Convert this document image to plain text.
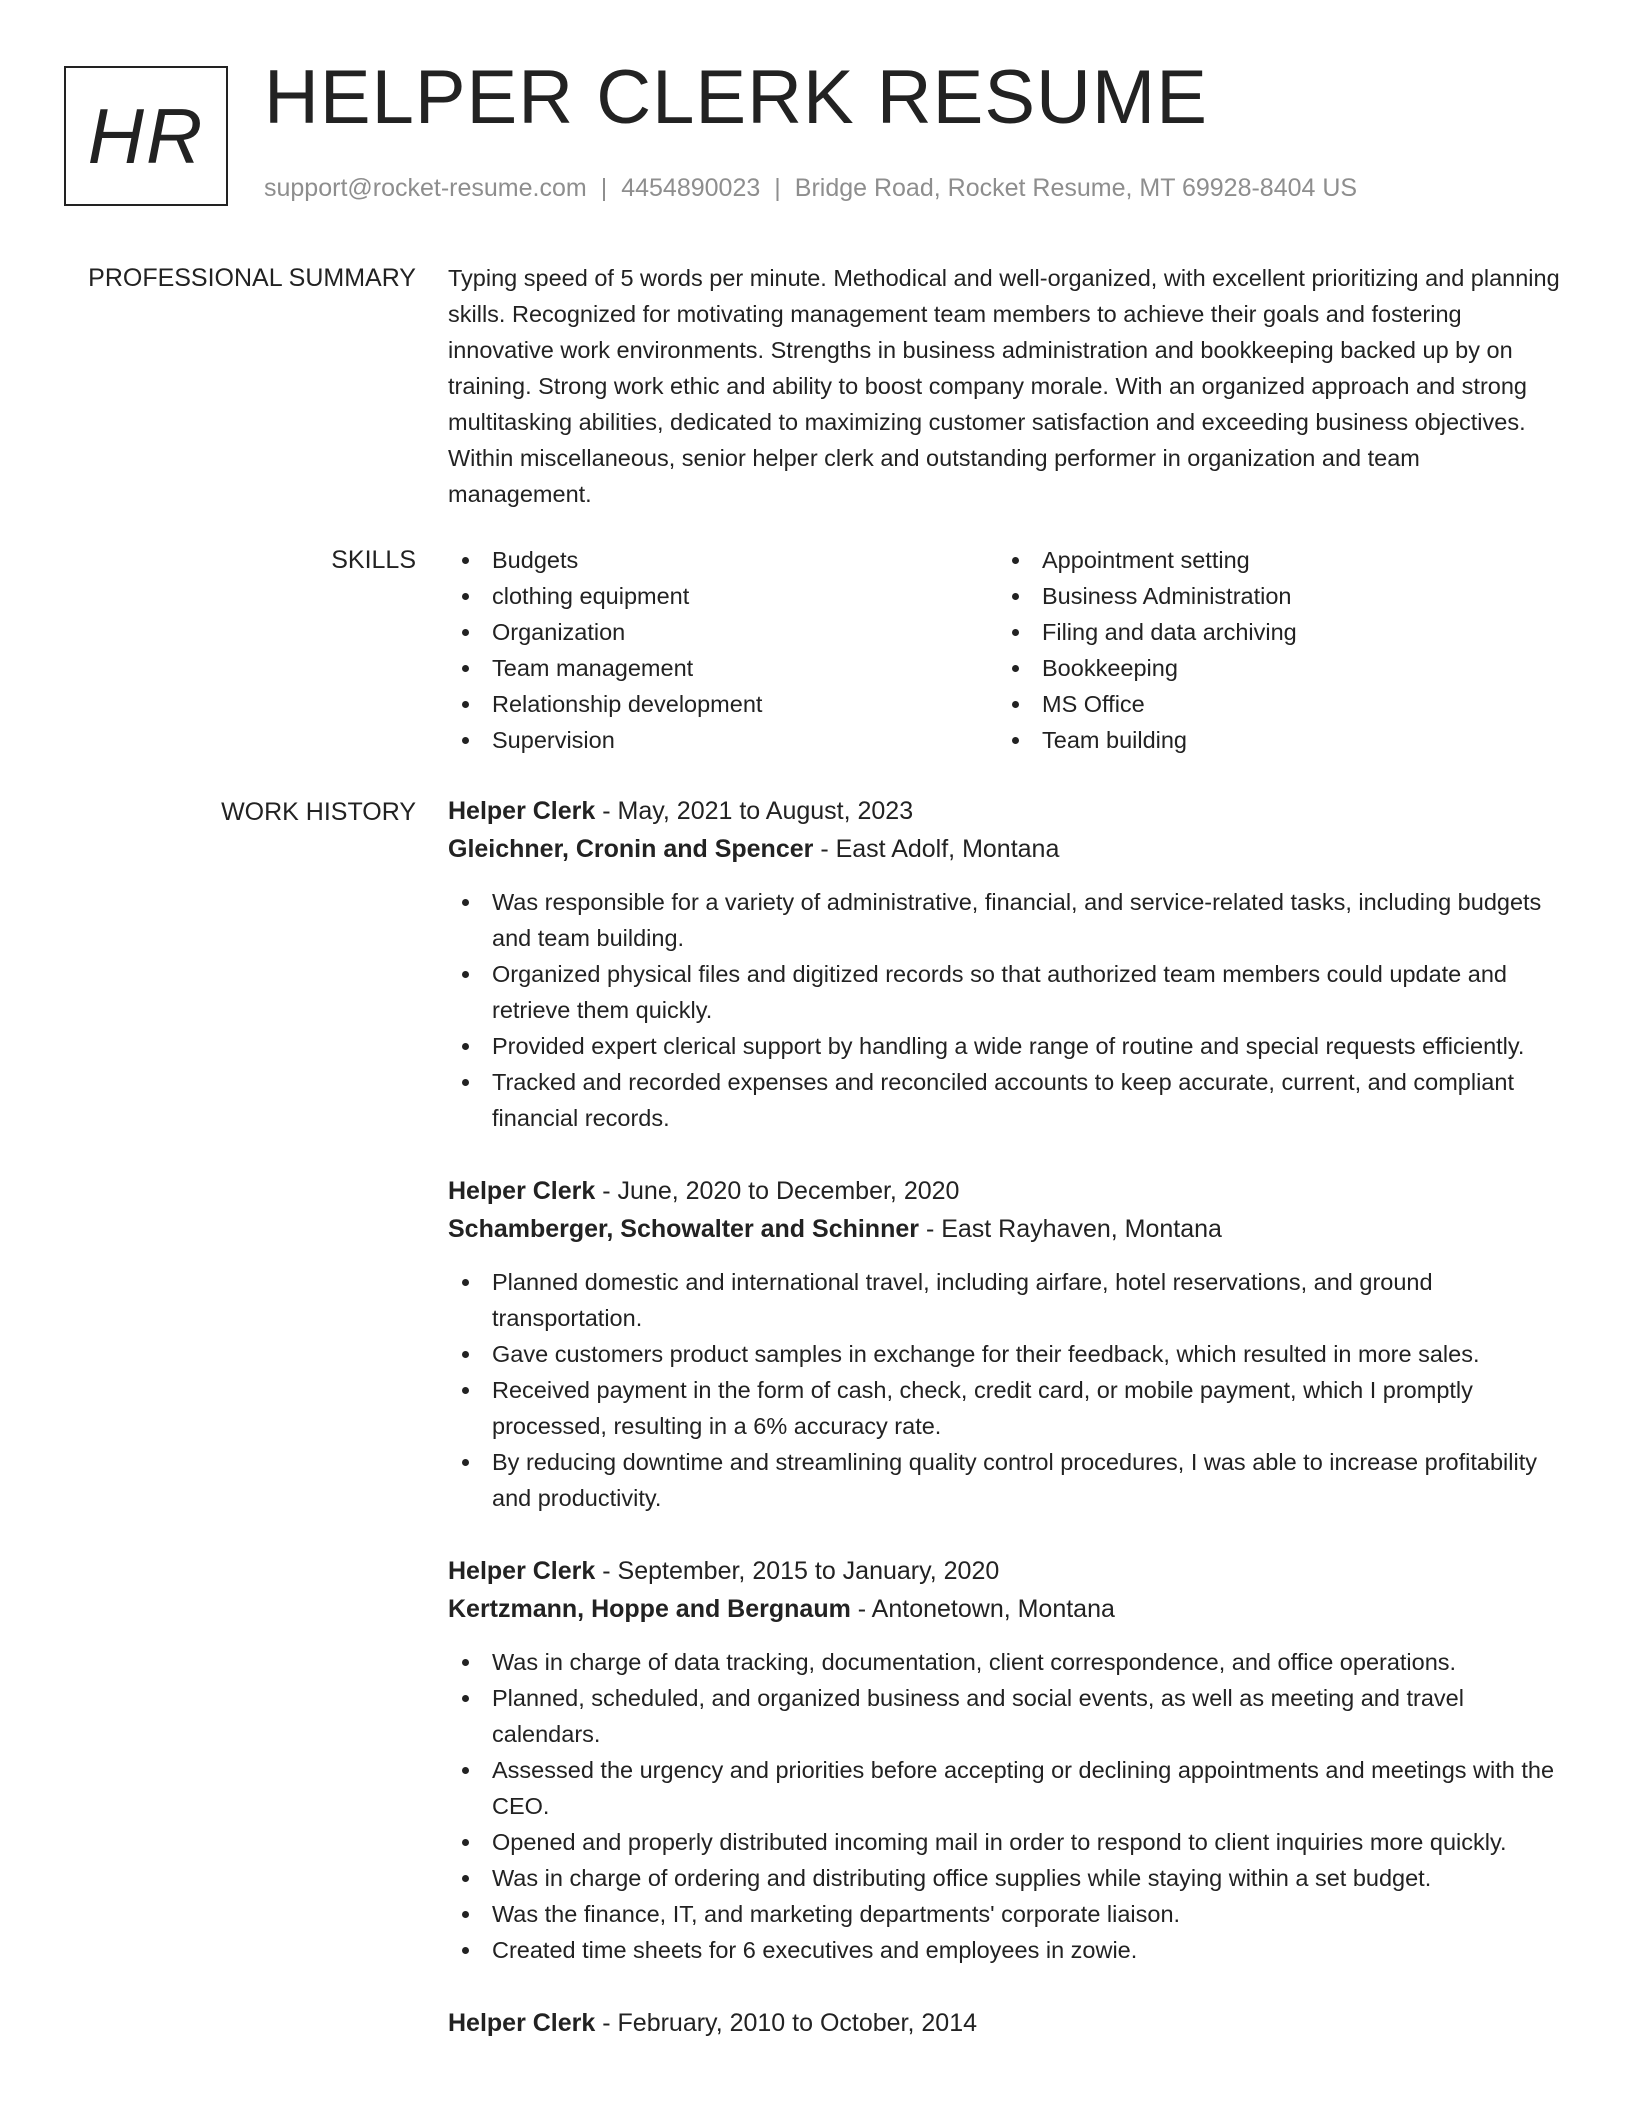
HR HELPER CLERK RESUME
support@rocket-resume.com | 4454890023 | Bridge Road, Rocket Resume, MT 69928-8404 US
PROFESSIONAL SUMMARY Typing speed of 5 words per minute. Methodical and well-organized, with excellent prioritizing and planning skills. Recognized for motivating management team members to achieve their goals and fostering innovative work environments. Strengths in business administration and bookkeeping backed up by on training. Strong work ethic and ability to boost company morale. With an organized approach and strong multitasking abilities, dedicated to maximizing customer satisfaction and exceeding business objectives. Within miscellaneous, senior helper clerk and outstanding performer in organization and team management.

SKILLS	Budgets
clothing equipment
Organization
Team management
Relationship development
Supervision
Appointment setting
Business Administration
Filing and data archiving
Bookkeeping
MS Office
Team building
WORK HISTORY Helper Clerk - May, 2021 to August, 2023
Gleichner, Cronin and Spencer - East Adolf, Montana
Was responsible for a variety of administrative, financial, and service-related tasks, including budgets and team building.
Organized physical files and digitized records so that authorized team members could update and retrieve them quickly.
Provided expert clerical support by handling a wide range of routine and special requests efficiently.
Tracked and recorded expenses and reconciled accounts to keep accurate, current, and compliant financial records.
Helper Clerk - June, 2020 to December, 2020
Schamberger, Schowalter and Schinner - East Rayhaven, Montana
Planned domestic and international travel, including airfare, hotel reservations, and ground transportation.
Gave customers product samples in exchange for their feedback, which resulted in more sales.
Received payment in the form of cash, check, credit card, or mobile payment, which I promptly processed, resulting in a 6% accuracy rate.
By reducing downtime and streamlining quality control procedures, I was able to increase profitability and productivity.
Helper Clerk - September, 2015 to January, 2020
Kertzmann, Hoppe and Bergnaum - Antonetown, Montana
Was in charge of data tracking, documentation, client correspondence, and office operations.
Planned, scheduled, and organized business and social events, as well as meeting and travel calendars.
Assessed the urgency and priorities before accepting or declining appointments and meetings with the CEO.
Opened and properly distributed incoming mail in order to respond to client inquiries more quickly.
Was in charge of ordering and distributing office supplies while staying within a set budget.
Was the finance, IT, and marketing departments' corporate liaison.
Created time sheets for 6 executives and employees in zowie.
Helper Clerk - February, 2010 to October, 2014
